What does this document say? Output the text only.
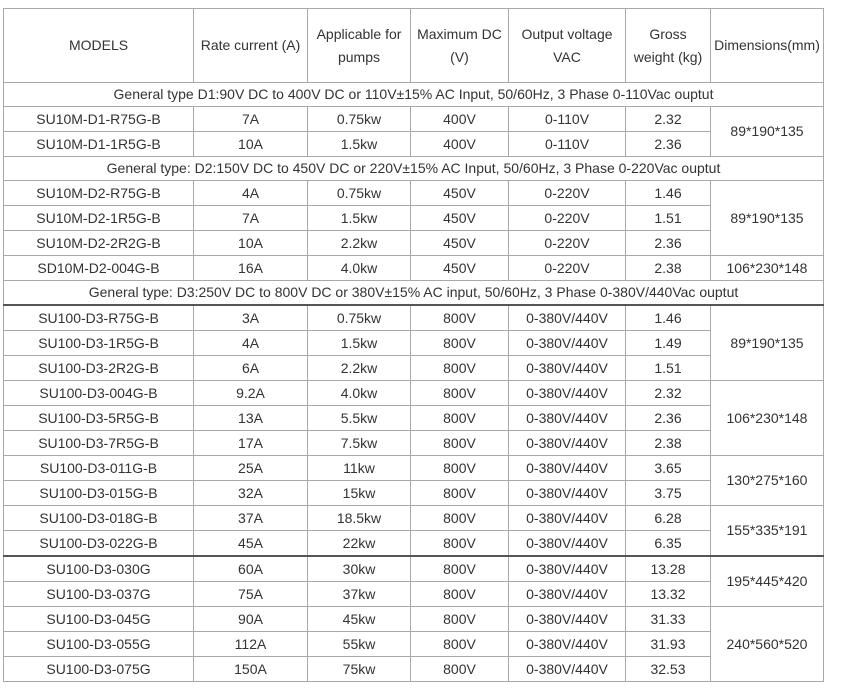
MODELS	Rate current (A)	Applicable for pumps	Maximum DC (V)	Output voltage VAC	Gross weight (kg)	Dimensions(mm)
General type D1:90V DC to 400V DC or 110V±15% AC Input, 50/60Hz, 3 Phase 0-110Vac ouptut						
SU10M-D1-R75G-B	7A	0.75kw	400V	0-110V	2.32	89*190*135
SU10M-D1-1R5G-B	10A	1.5kw	400V	0-110V	2.36	
General type: D2:150V DC to 450V DC or 220V±15% AC Input, 50/60Hz, 3 Phase 0-220Vac ouptut						
SU10M-D2-R75G-B	4A	0.75kw	450V	0-220V	1.46	89*190*135
SU10M-D2-1R5G-B	7A	1.5kw	450V	0-220V	1.51	
SU10M-D2-2R2G-B	10A	2.2kw	450V	0-220V	2.36	
SD10M-D2-004G-B	16A	4.0kw	450V	0-220V	2.38	106*230*148
General type: D3:250V DC to 800V DC or 380V±15% AC input, 50/60Hz, 3 Phase 0-380V/440Vac ouptut						
SU100-D3-R75G-B	3A	0.75kw	800V	0-380V/440V	1.46	89*190*135
SU100-D3-1R5G-B	4A	1.5kw	800V	0-380V/440V	1.49	
SU100-D3-2R2G-B	6A	2.2kw	800V	0-380V/440V	1.51	
SU100-D3-004G-B	9.2A	4.0kw	800V	0-380V/440V	2.32	106*230*148
SU100-D3-5R5G-B	13A	5.5kw	800V	0-380V/440V	2.36	
SU100-D3-7R5G-B	17A	7.5kw	800V	0-380V/440V	2.38	
SU100-D3-011G-B	25A	11kw	800V	0-380V/440V	3.65	130*275*160
SU100-D3-015G-B	32A	15kw	800V	0-380V/440V	3.75	
SU100-D3-018G-B	37A	18.5kw	800V	0-380V/440V	6.28	155*335*191
SU100-D3-022G-B	45A	22kw	800V	0-380V/440V	6.35	
SU100-D3-030G	60A	30kw	800V	0-380V/440V	13.28	195*445*420
SU100-D3-037G	75A	37kw	800V	0-380V/440V	13.32	
SU100-D3-045G	90A	45kw	800V	0-380V/440V	31.33	240*560*520
SU100-D3-055G	112A	55kw	800V	0-380V/440V	31.93	
SU100-D3-075G	150A	75kw	800V	0-380V/440V	32.53	
